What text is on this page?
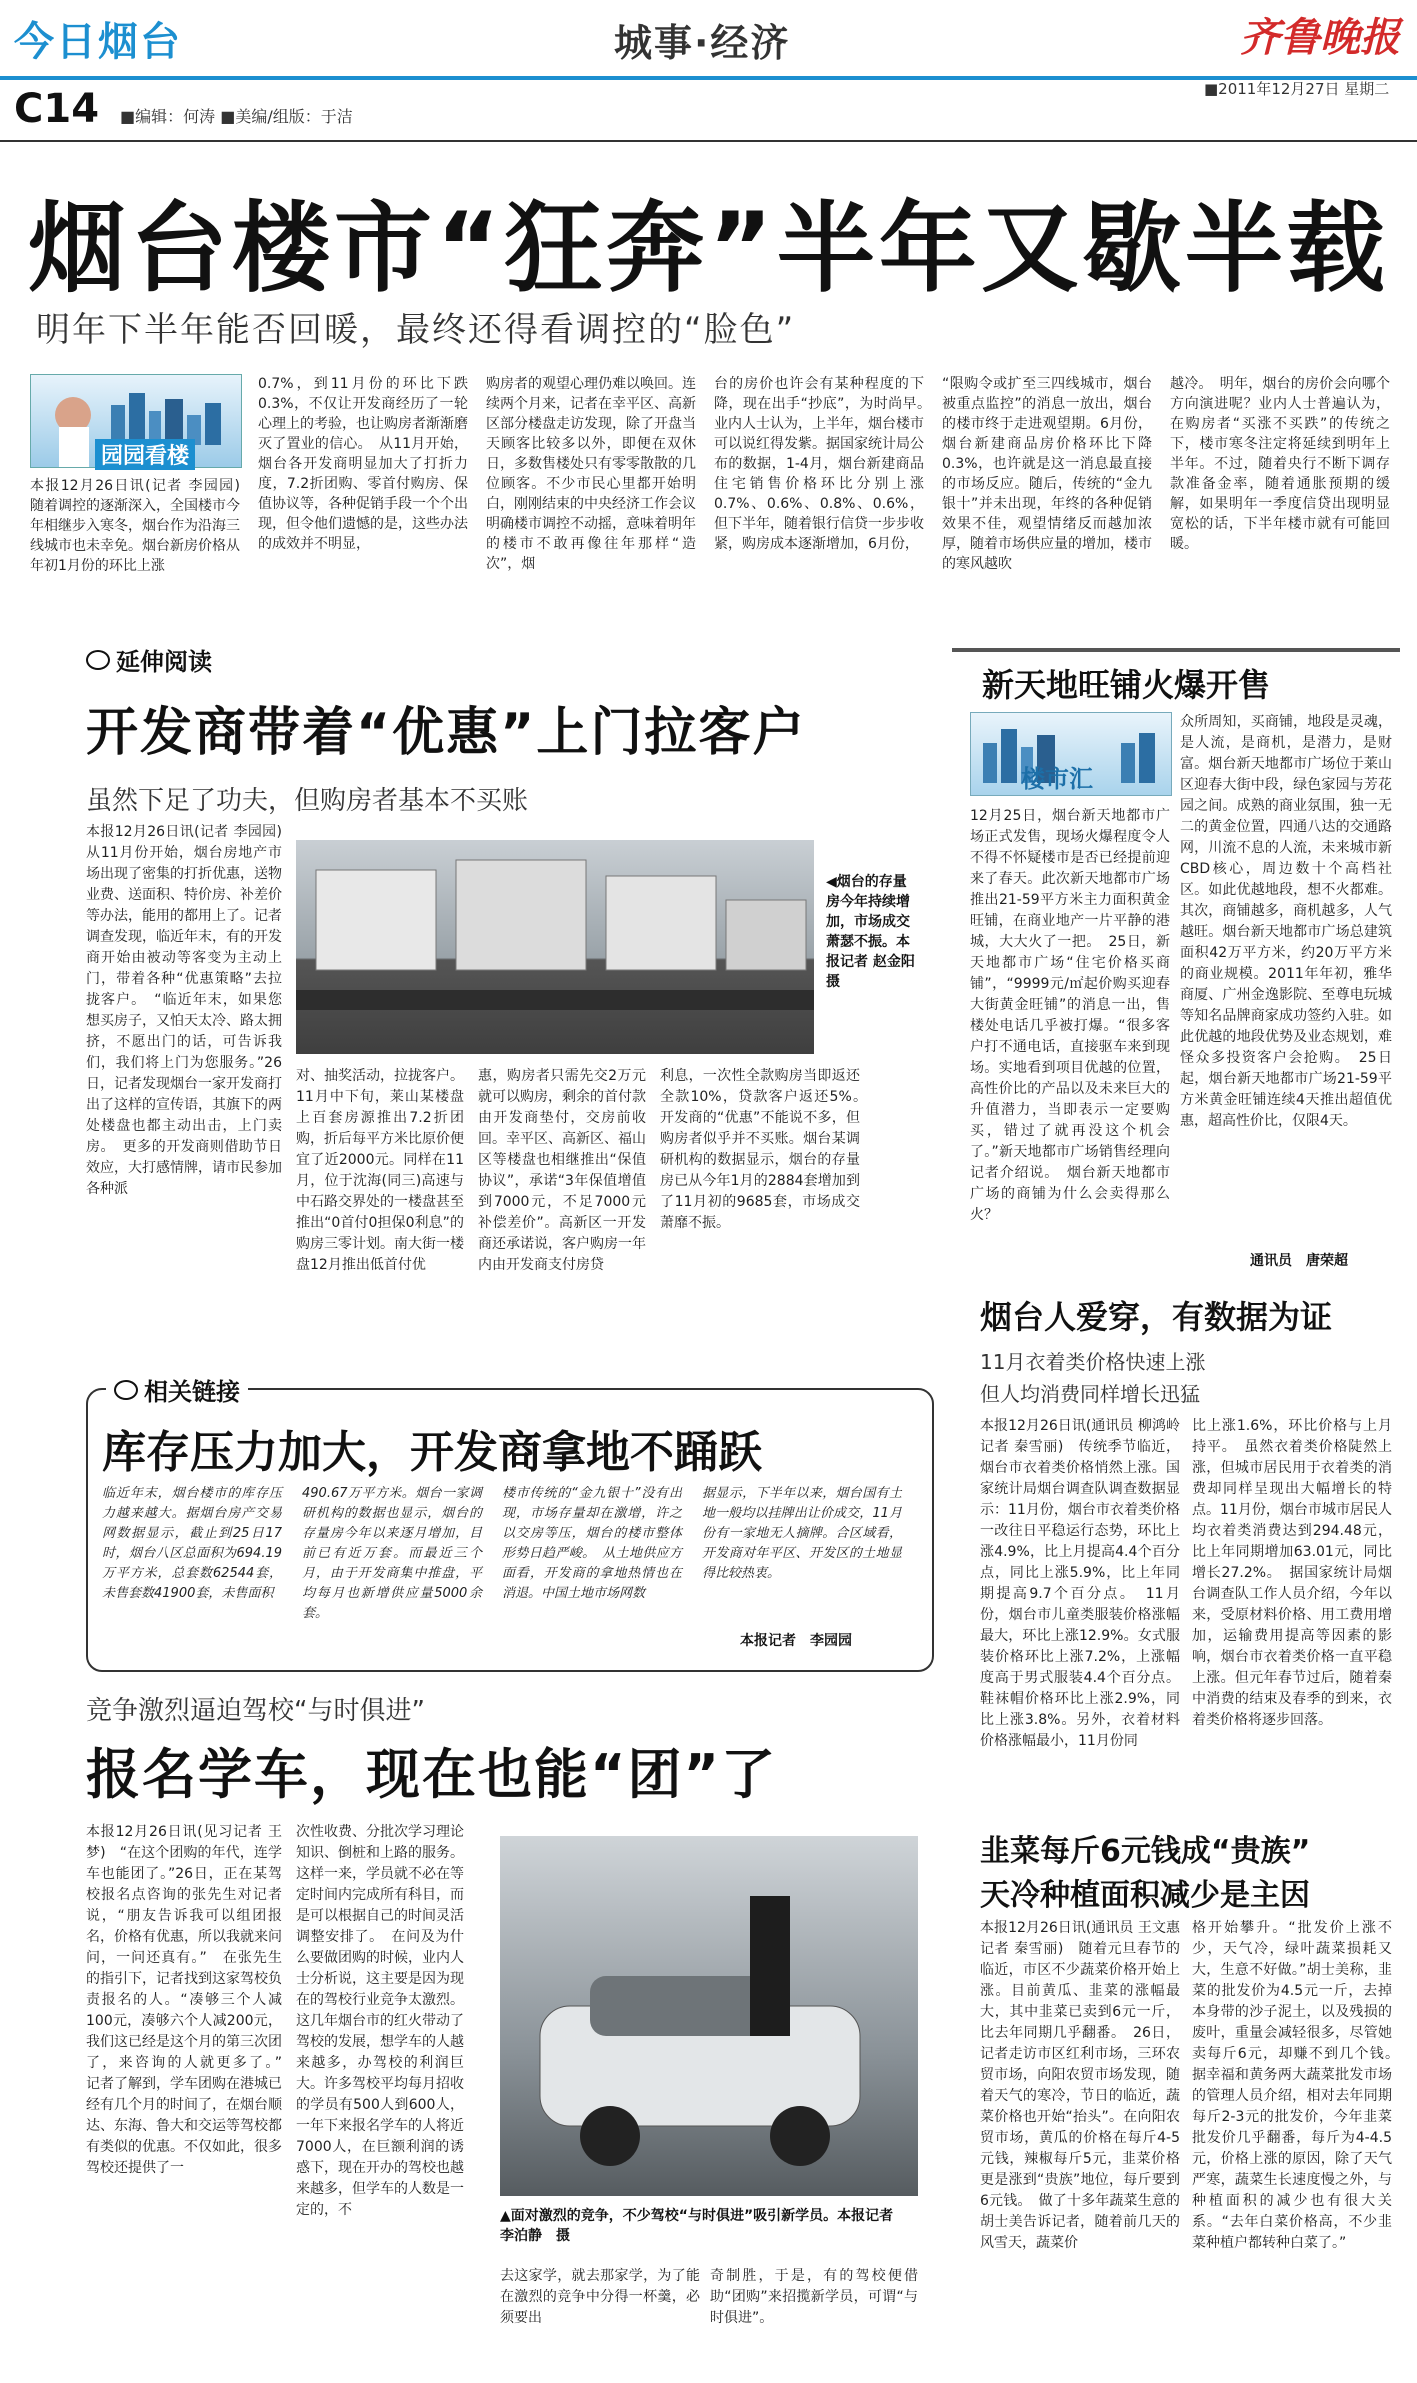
今日烟台	城事·经济	齐鲁晚报
C14 ■编辑：何涛 ■美编/组版：于洁
■2011年12月27日 星期二
烟台楼市“狂奔”半年又歇半载
明年下半年能否回暖，最终还得看调控的“脸色”
园园看楼
本报12月26日讯(记者 李园园)　随着调控的逐渐深入，全国楼市今年相继步入寒冬，烟台作为沿海三线城市也未幸免。烟台新房价格从年初1月份的环比上涨
0.7%，到11月份的环比下跌0.3%，不仅让开发商经历了一轮心理上的考验，也让购房者渐渐磨灭了置业的信心。　从11月开始，烟台各开发商明显加大了打折力度，7.2折团购、零首付购房、保值协议等，各种促销手段一个个出现，但令他们遗憾的是，这些办法的成效并不明显，
购房者的观望心理仍难以唤回。连续两个月来，记者在幸平区、高新区部分楼盘走访发现，除了开盘当天顾客比较多以外，即便在双休日，多数售楼处只有零零散散的几位顾客。不少市民心里都开始明白，刚刚结束的中央经济工作会议明确楼市调控不动摇，意味着明年的楼市不敢再像往年那样“造次”，烟
台的房价也许会有某种程度的下降，现在出手“抄底”，为时尚早。　业内人士认为，上半年，烟台楼市可以说红得发紫。据国家统计局公布的数据，1-4月，烟台新建商品住宅销售价格环比分别上涨0.7%、0.6%、0.8%、0.6%，但下半年，随着银行信贷一步步收紧，购房成本逐渐增加，6月份，
“限购令或扩至三四线城市，烟台被重点监控”的消息一放出，烟台的楼市终于走进观望期。6月份，烟台新建商品房价格环比下降0.3%，也许就是这一消息最直接的市场反应。随后，传统的“金九银十”并未出现，年终的各种促销效果不佳，观望情绪反而越加浓厚，随着市场供应量的增加，楼市的寒风越吹
越冷。　明年，烟台的房价会向哪个方向演进呢？业内人士普遍认为，在购房者“买涨不买跌”的传统之下，楼市寒冬注定将延续到明年上半年。不过，随着央行不断下调存款准备金率，随着通胀预期的缓解，如果明年一季度信贷出现明显宽松的话，下半年楼市就有可能回暖。
延伸阅读
开发商带着“优惠”上门拉客户
虽然下足了功夫，但购房者基本不买账
本报12月26日讯(记者 李园园)　从11月份开始，烟台房地产市场出现了密集的打折优惠，送物业费、送面积、特价房、补差价等办法，能用的都用上了。记者调查发现，临近年末，有的开发商开始由被动等客变为主动上门，带着各种“优惠策略”去拉拢客户。　“临近年末，如果您想买房子，又怕天太冷、路太拥挤，不愿出门的话，可告诉我们，我们将上门为您服务。”26日，记者发现烟台一家开发商打出了这样的宣传语，其旗下的两处楼盘也都主动出击，上门卖房。　更多的开发商则借助节日效应，大打感情牌，请市民参加各种派
◀烟台的存量房今年持续增加，市场成交萧瑟不振。本报记者 赵金阳 摄
对、抽奖活动，拉拢客户。11月中下旬，莱山某楼盘上百套房源推出7.2折团购，折后每平方米比原价便宜了近2000元。同样在11月，位于沈海(同三)高速与中石路交界处的一楼盘甚至推出“0首付0担保0利息”的购房三零计划。南大街一楼盘12月推出低首付优
惠，购房者只需先交2万元就可以购房，剩余的首付款由开发商垫付，交房前收回。幸平区、高新区、福山区等楼盘也相继推出“保值协议”，承诺“3年保值增值到7000元，不足7000元补偿差价”。高新区一开发商还承诺说，客户购房一年内由开发商支付房贷
利息，一次性全款购房当即返还全款10%，贷款客户返还5%。　开发商的“优惠”不能说不多，但购房者似乎并不买账。烟台某调研机构的数据显示，烟台的存量房已从今年1月的2884套增加到了11月初的9685套，市场成交萧靡不振。
相关链接
库存压力加大，开发商拿地不踊跃
临近年末，烟台楼市的库存压力越来越大。据烟台房产交易网数据显示，截止到25日17时，烟台八区总面积为694.19万平方米，总套数62544套，未售套数41900套，未售面积
490.67万平方米。烟台一家调研机构的数据也显示，烟台的存量房今年以来逐月增加，目前已有近万套。而最近三个月，由于开发商集中推盘，平均每月也新增供应量5000余套。
楼市传统的“金九银十”没有出现，市场存量却在激增，许之以交房等压，烟台的楼市整体形势日趋严峻。　从土地供应方面看，开发商的拿地热情也在消退。中国土地市场网数
据显示，下半年以来，烟台国有土地一般均以挂牌出让价成交，11月份有一家地无人摘牌。合区域看，开发商对年平区、开发区的土地显得比较热衷。
本报记者　李园园
竞争激烈逼迫驾校“与时俱进”
报名学车，现在也能“团”了
本报12月26日讯(见习记者 王梦)　“在这个团购的年代，连学车也能团了。”26日，正在某驾校报名点咨询的张先生对记者说，“朋友告诉我可以组团报名，价格有优惠，所以我就来问问，一问还真有。”　在张先生的指引下，记者找到这家驾校负责报名的人。“凑够三个人减100元，凑够六个人减200元，我们这已经是这个月的第三次团了，来咨询的人就更多了。”　记者了解到，学车团购在港城已经有几个月的时间了，在烟台顺达、东海、鲁大和交运等驾校都有类似的优惠。不仅如此，很多驾校还提供了一
次性收费、分批次学习理论知识、倒桩和上路的服务。这样一来，学员就不必在等定时间内完成所有科目，而是可以根据自己的时间灵活调整安排了。　在问及为什么要做团购的时候，业内人士分析说，这主要是因为现在的驾校行业竞争太激烈。这几年烟台市的红火带动了驾校的发展，想学车的人越来越多，办驾校的利润巨大。许多驾校平均每月招收的学员有500人到600人，一年下来报名学车的人将近7000人，在巨额利润的诱惑下，现在开办的驾校也越来越多，但学车的人数是一定的，不	▲面对激烈的竞争，不少驾校“与时俱进”吸引新学员。本报记者　李泊静　摄
去这家学，就去那家学，为了能在激烈的竞争中分得一杯羹，必须要出
奇制胜，于是，有的驾校便借助“团购”来招揽新学员，可谓“与时俱进”。
新天地旺铺火爆开售
楼市汇
12月25日，烟台新天地都市广场正式发售，现场火爆程度令人不得不怀疑楼市是否已经提前迎来了春天。此次新天地都市广场推出21-59平方米主力面积黄金旺铺，在商业地产一片平静的港城，大大火了一把。　25日，新天地都市广场“住宅价格买商铺”，“9999元/㎡起价购买迎春大街黄金旺铺”的消息一出，售楼处电话几乎被打爆。“很多客户打不通电话，直接驱车来到现场。实地看到项目优越的位置，高性价比的产品以及未来巨大的升值潜力，当即表示一定要购买，错过了就再没这个机会了。”新天地都市广场销售经理向记者介绍说。　烟台新天地都市广场的商铺为什么会卖得那么火？
众所周知，买商铺，地段是灵魂，是人流，是商机，是潜力，是财富。烟台新天地都市广场位于莱山区迎春大街中段，绿色家园与芳花园之间。成熟的商业氛围，独一无二的黄金位置，四通八达的交通路网，川流不息的人流，未来城市新CBD核心，周边数十个高档社区。如此优越地段，想不火都难。其次，商铺越多，商机越多，人气越旺。烟台新天地都市广场总建筑面积42万平方米，约20万平方米的商业规模。2011年年初，雅华商厦、广州金逸影院、至尊电玩城等知名品牌商家成功签约入驻。如此优越的地段优势及业态规划，难怪众多投资客户会抢购。　25日起，烟台新天地都市广场21-59平方米黄金旺铺连续4天推出超值优惠，超高性价比，仅限4天。
通讯员　唐荣超
烟台人爱穿，有数据为证
11月衣着类价格快速上涨
但人均消费同样增长迅猛
本报12月26日讯(通讯员 柳鸿岭 记者 秦雪丽)　传统季节临近，烟台市衣着类价格悄然上涨。国家统计局烟台调查队调查数据显示：11月份，烟台市衣着类价格一改往日平稳运行态势，环比上涨4.9%，比上月提高4.4个百分点，同比上涨5.9%，比上年同期提高9.7个百分点。　11月份，烟台市儿童类服装价格涨幅最大，环比上涨12.9%。女式服装价格环比上涨7.2%，上涨幅度高于男式服装4.4个百分点。鞋袜帽价格环比上涨2.9%，同比上涨3.8%。另外，衣着材料价格涨幅最小，11月份同
比上涨1.6%，环比价格与上月持平。　虽然衣着类价格陡然上涨，但城市居民用于衣着类的消费却同样呈现出大幅增长的特点。11月份，烟台市城市居民人均衣着类消费达到294.48元，比上年同期增加63.01元，同比增长27.2%。　据国家统计局烟台调查队工作人员介绍，今年以来，受原材料价格、用工费用增加，运输费用提高等因素的影响，烟台市衣着类价格一直平稳上涨。但元年春节过后，随着秦中消费的结束及春季的到来，衣着类价格将逐步回落。
韭菜每斤6元钱成“贵族”
天冷种植面积减少是主因
本报12月26日讯(通讯员 王文惠 记者 秦雪丽)　随着元旦春节的临近，市区不少蔬菜价格开始上涨。目前黄瓜、韭菜的涨幅最大，其中韭菜已卖到6元一斤，比去年同期几乎翻番。　26日，记者走访市区红利市场，三环农贸市场，向阳农贸市场发现，随着天气的寒冷，节日的临近，蔬菜价格也开始“抬头”。在向阳农贸市场，黄瓜的价格在每斤4-5元钱，辣椒每斤5元，韭菜价格更是涨到“贵族”地位，每斤要到6元钱。　做了十多年蔬菜生意的胡士美告诉记者，随着前几天的风雪天，蔬菜价
格开始攀升。“批发价上涨不少，天气冷，绿叶蔬菜损耗又大，生意不好做。”胡士美称，韭菜的批发价为4.5元一斤，去掉本身带的沙子泥土，以及残损的废叶，重量会减轻很多，尽管她卖每斤6元，却赚不到几个钱。　据幸福和黄务两大蔬菜批发市场的管理人员介绍，相对去年同期每斤2-3元的批发价，今年韭菜批发价几乎翻番，每斤为4-4.5元，价格上涨的原因，除了天气严寒，蔬菜生长速度慢之外，与种植面积的减少也有很大关系。“去年白菜价格高，不少韭菜种植户都转种白菜了。”
